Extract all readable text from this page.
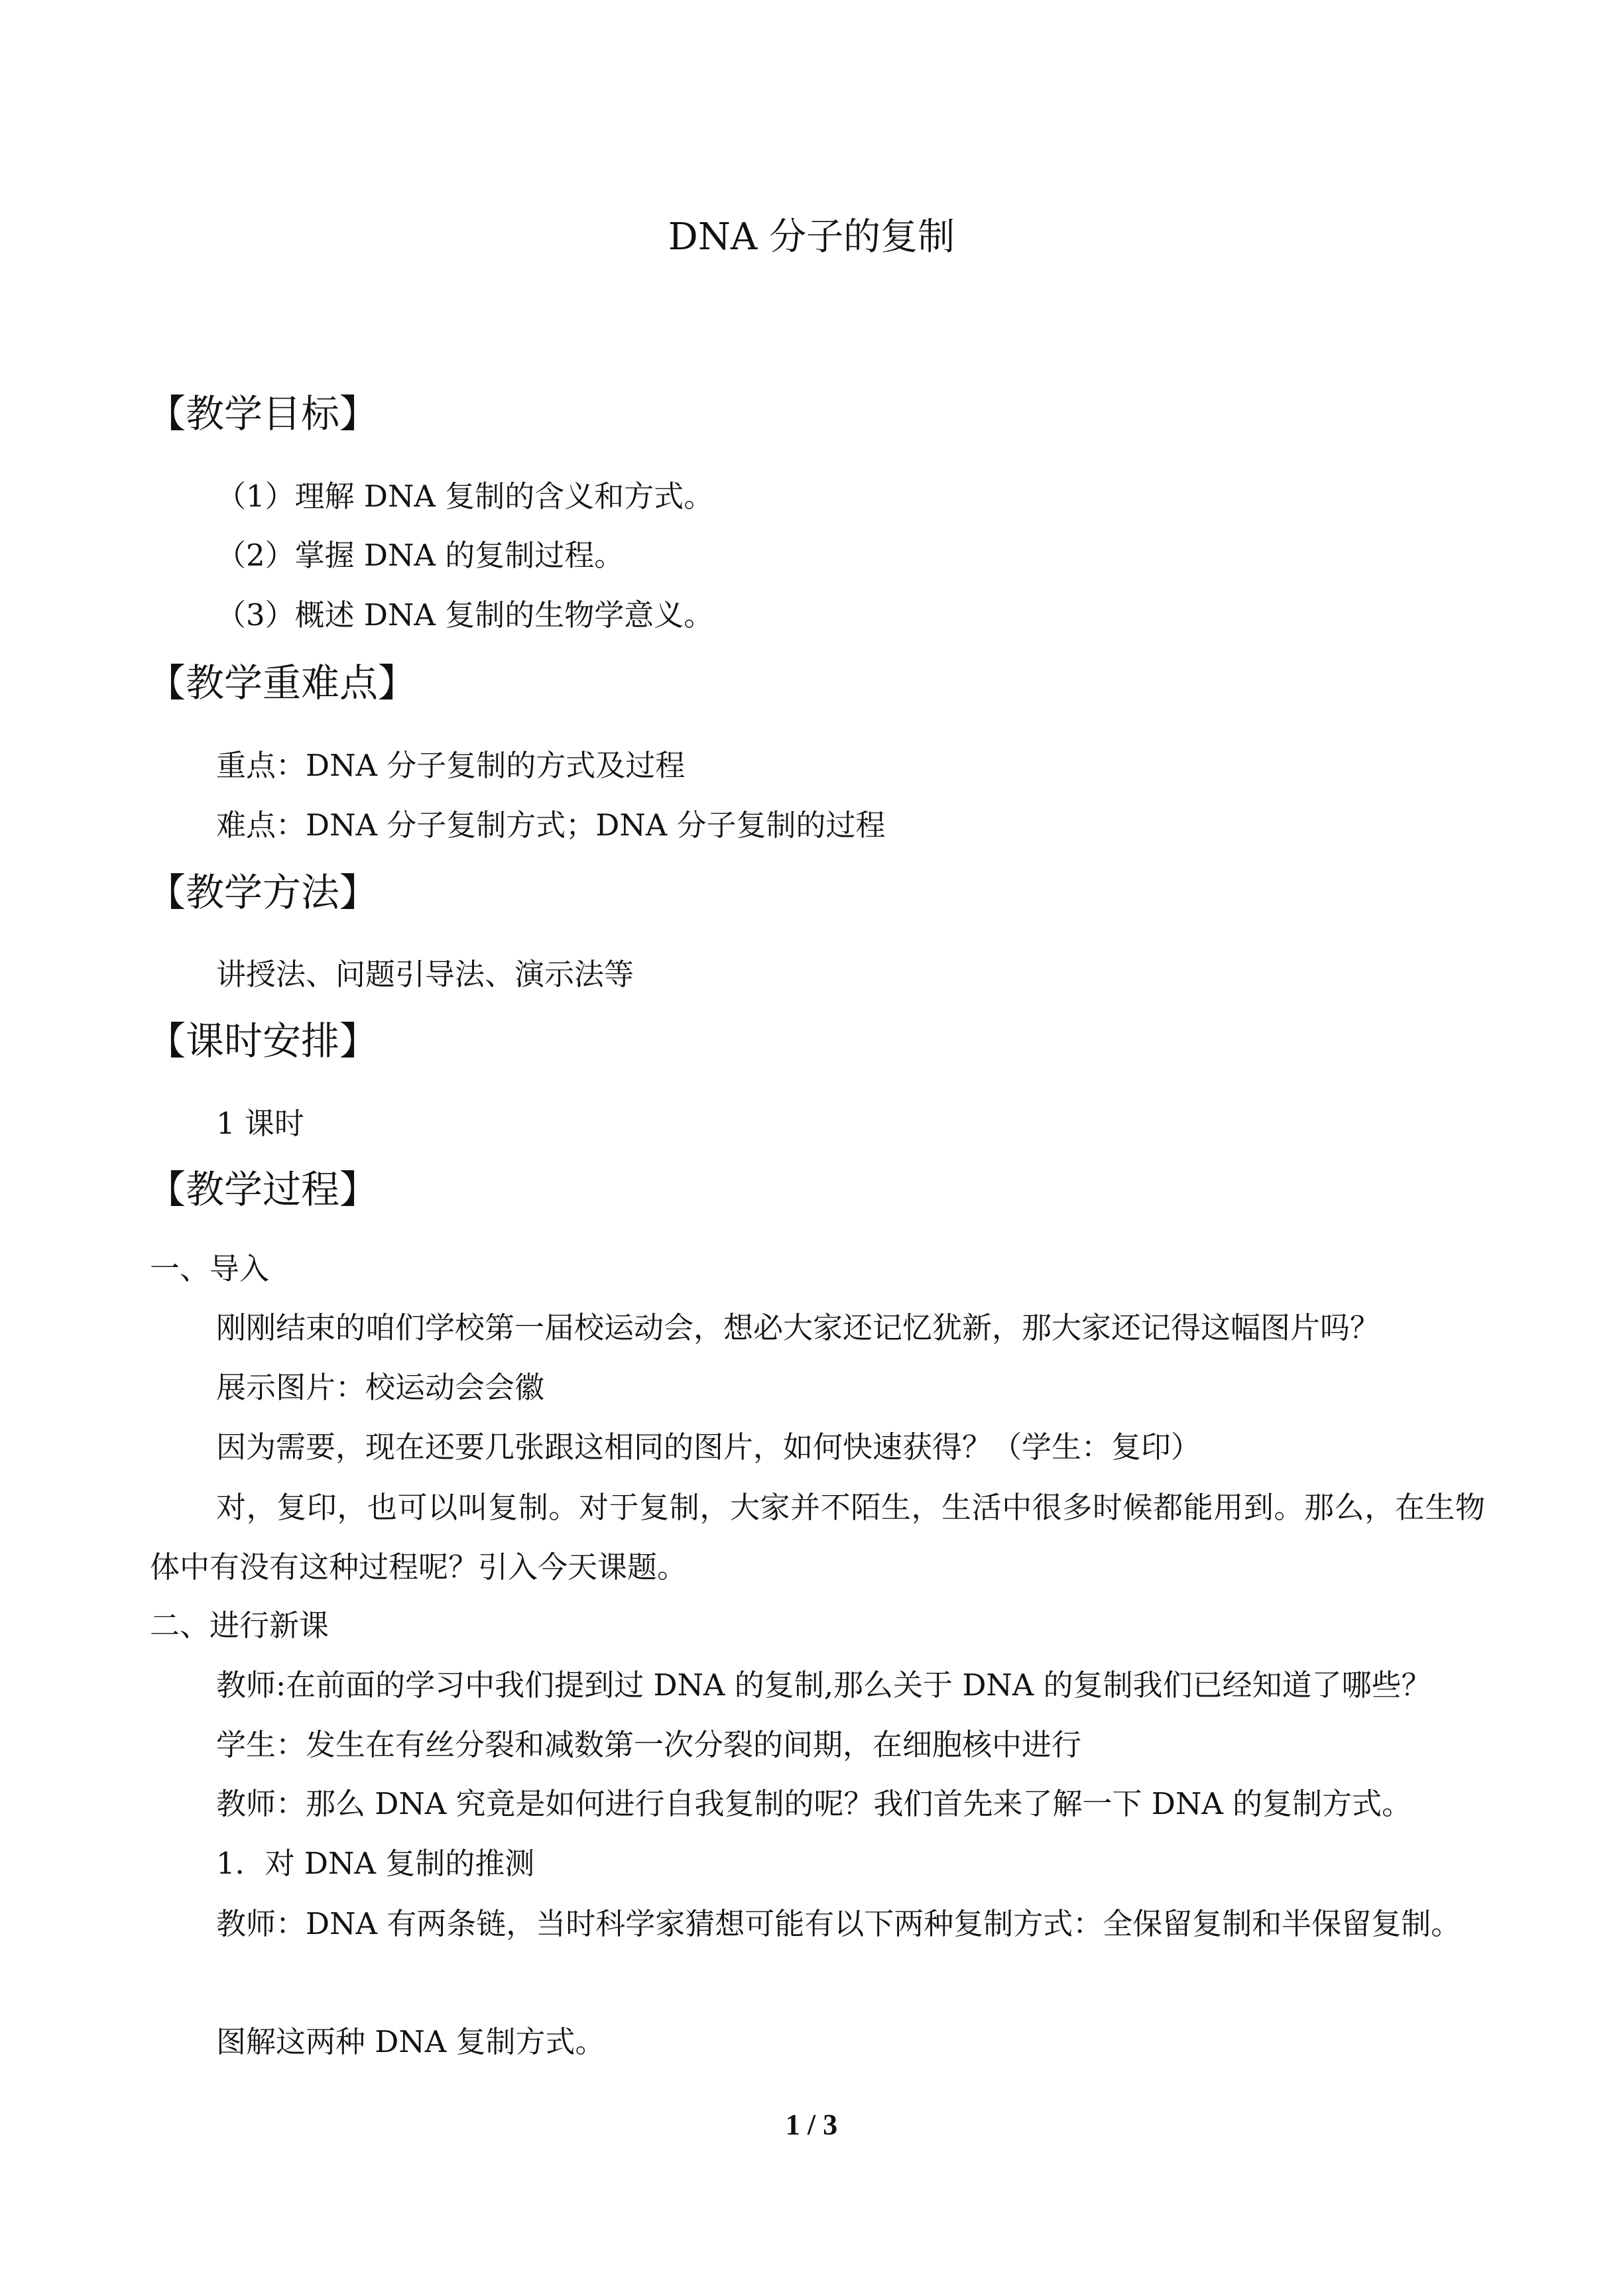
DNA 分子的复制
【教学目标】
（1）理解 DNA 复制的含义和方式。
（2）掌握 DNA 的复制过程。
（3）概述 DNA 复制的生物学意义。
【教学重难点】
重点：DNA 分子复制的方式及过程
难点：DNA 分子复制方式；DNA 分子复制的过程
【教学方法】
讲授法、问题引导法、演示法等
【课时安排】
1 课时
【教学过程】
一、导入
刚刚结束的咱们学校第一届校运动会，想必大家还记忆犹新，那大家还记得这幅图片吗？
展示图片：校运动会会徽
因为需要，现在还要几张跟这相同的图片，如何快速获得？（学生：复印）
对，复印，也可以叫复制。对于复制，大家并不陌生，生活中很多时候都能用到。那么，在生物体中有没有这种过程呢？引入今天课题。
二、进行新课
教师:在前面的学习中我们提到过 DNA 的复制,那么关于 DNA 的复制我们已经知道了哪些？
学生：发生在有丝分裂和减数第一次分裂的间期，在细胞核中进行
教师：那么 DNA 究竟是如何进行自我复制的呢？我们首先来了解一下 DNA 的复制方式。
1．对 DNA 复制的推测
教师：DNA 有两条链，当时科学家猜想可能有以下两种复制方式：全保留复制和半保留复制。
图解这两种 DNA 复制方式。
1 / 3
